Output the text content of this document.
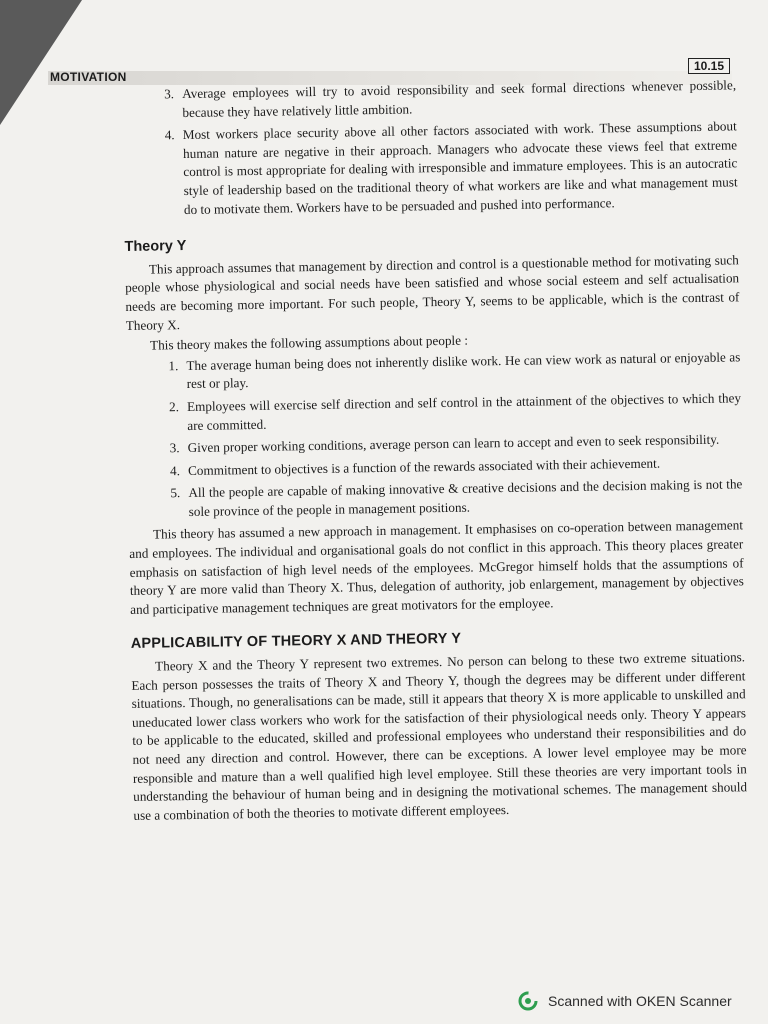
MOTIVATION
10.15
3. Average employees will try to avoid responsibility and seek formal directions whenever possible, because they have relatively little ambition.
4. Most workers place security above all other factors associated with work. These assumptions about human nature are negative in their approach. Managers who advocate these views feel that extreme control is most appropriate for dealing with irresponsible and immature employees. This is an autocratic style of leadership based on the traditional theory of what workers are like and what management must do to motivate them. Workers have to be persuaded and pushed into performance.
Theory Y

This approach assumes that management by direction and control is a questionable method for motivating such people whose physiological and social needs have been satisfied and whose social esteem and self actualisation needs are becoming more important. For such people, Theory Y, seems to be applicable, which is the contrast of Theory X.

This theory makes the following assumptions about people :

1. The average human being does not inherently dislike work. He can view work as natural or enjoyable as rest or play.
2. Employees will exercise self direction and self control in the attainment of the objectives to which they are committed.
3. Given proper working conditions, average person can learn to accept and even to seek responsibility.
4. Commitment to objectives is a function of the rewards associated with their achievement.
5. All the people are capable of making innovative & creative decisions and the decision making is not the sole province of the people in management positions.

This theory has assumed a new approach in management. It emphasises on co-operation between management and employees. The individual and organisational goals do not conflict in this approach. This theory places greater emphasis on satisfaction of high level needs of the employees. McGregor himself holds that the assumptions of theory Y are more valid than Theory X. Thus, delegation of authority, job enlargement, management by objectives and participative management techniques are great motivators for the employee.

APPLICABILITY OF THEORY X AND THEORY Y

Theory X and the Theory Y represent two extremes. No person can belong to these two extreme situations. Each person possesses the traits of Theory X and Theory Y, though the degrees may be different under different situations. Though, no generalisations can be made, still it appears that theory X is more applicable to unskilled and uneducated lower class workers who work for the satisfaction of their physiological needs only. Theory Y appears to be applicable to the educated, skilled and professional employees who understand their responsibilities and do not need any direction and control. However, there can be exceptions. A lower level employee may be more responsible and mature than a well qualified high level employee. Still these theories are very important tools in understanding the behaviour of human being and in designing the motivational schemes. The management should use a combination of both the theories to motivate different employees.

Scanned with OKEN Scanner
